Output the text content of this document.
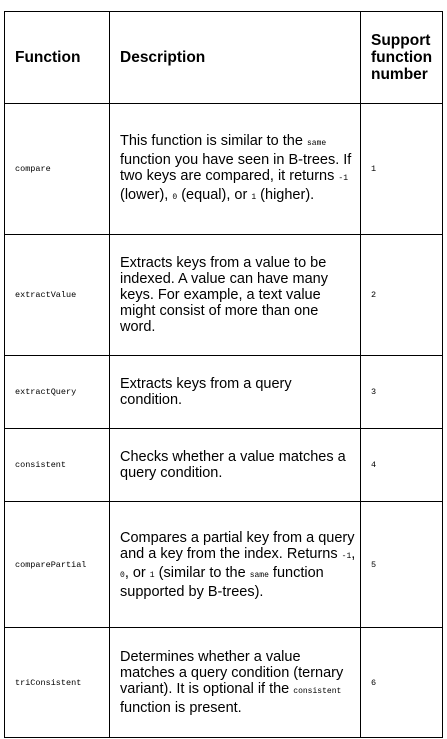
Function	Description	Support function number
compare	This function is similar to the same function you have seen in B-trees. If two keys are compared, it returns -1 (lower), 0 (equal), or 1 (higher).	1
extractValue	Extracts keys from a value to be indexed. A value can have many keys. For example, a text value might consist of more than one word.	2
extractQuery	Extracts keys from a query condition.	3
consistent	Checks whether a value matches a query condition.	4
comparePartial	Compares a partial key from a query and a key from the index. Returns -1, 0, or 1 (similar to the same function supported by B-trees).	5
triConsistent	Determines whether a value matches a query condition (ternary variant). It is optional if the consistent function is present.	6
